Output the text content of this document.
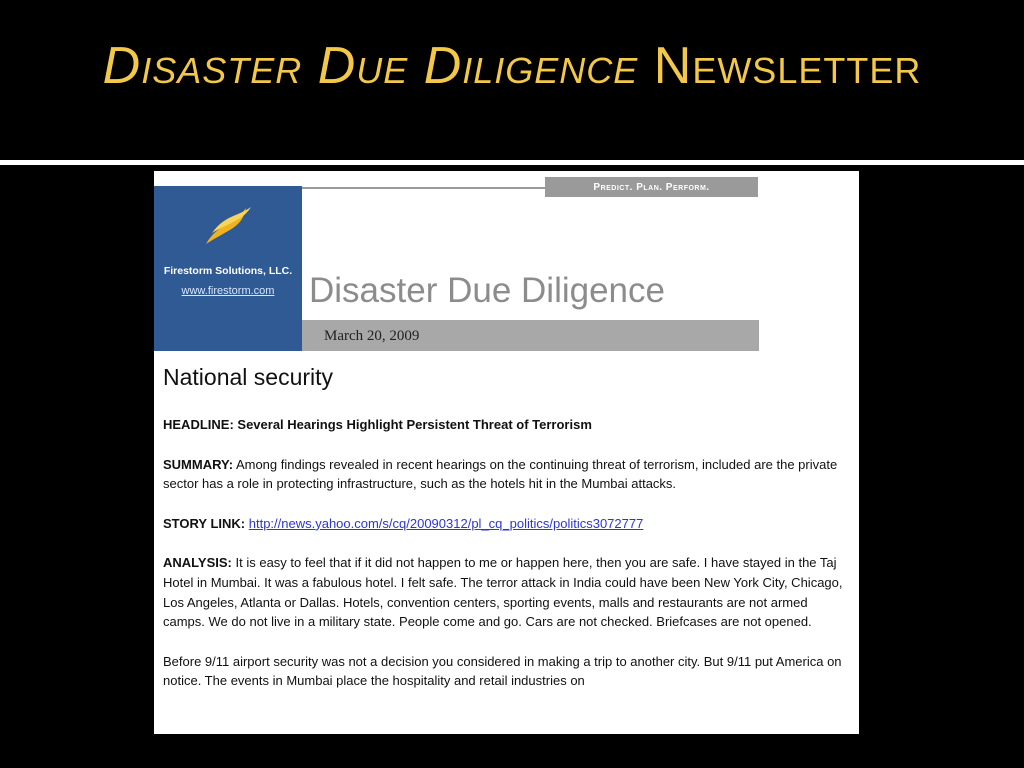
Disaster Due Diligence Newsletter
Predict. Plan. Perform.
Firestorm Solutions, LLC.
www.firestorm.com Disaster Due Diligence
March 20, 2009
National security

HEADLINE: Several Hearings Highlight Persistent Threat of Terrorism

SUMMARY: Among findings revealed in recent hearings on the continuing threat of terrorism, included are the private sector has a role in protecting infrastructure, such as the hotels hit in the Mumbai attacks.

STORY LINK: http://news.yahoo.com/s/cq/20090312/pl_cq_politics/politics3072777

ANALYSIS: It is easy to feel that if it did not happen to me or happen here, then you are safe. I have stayed in the Taj Hotel in Mumbai. It was a fabulous hotel. I felt safe. The terror attack in India could have been New York City, Chicago, Los Angeles, Atlanta or Dallas. Hotels, convention centers, sporting events, malls and restaurants are not armed camps. We do not live in a military state. People come and go. Cars are not checked. Briefcases are not opened.

Before 9/11 airport security was not a decision you considered in making a trip to another city. But 9/11 put America on notice. The events in Mumbai place the hospitality and retail industries on
